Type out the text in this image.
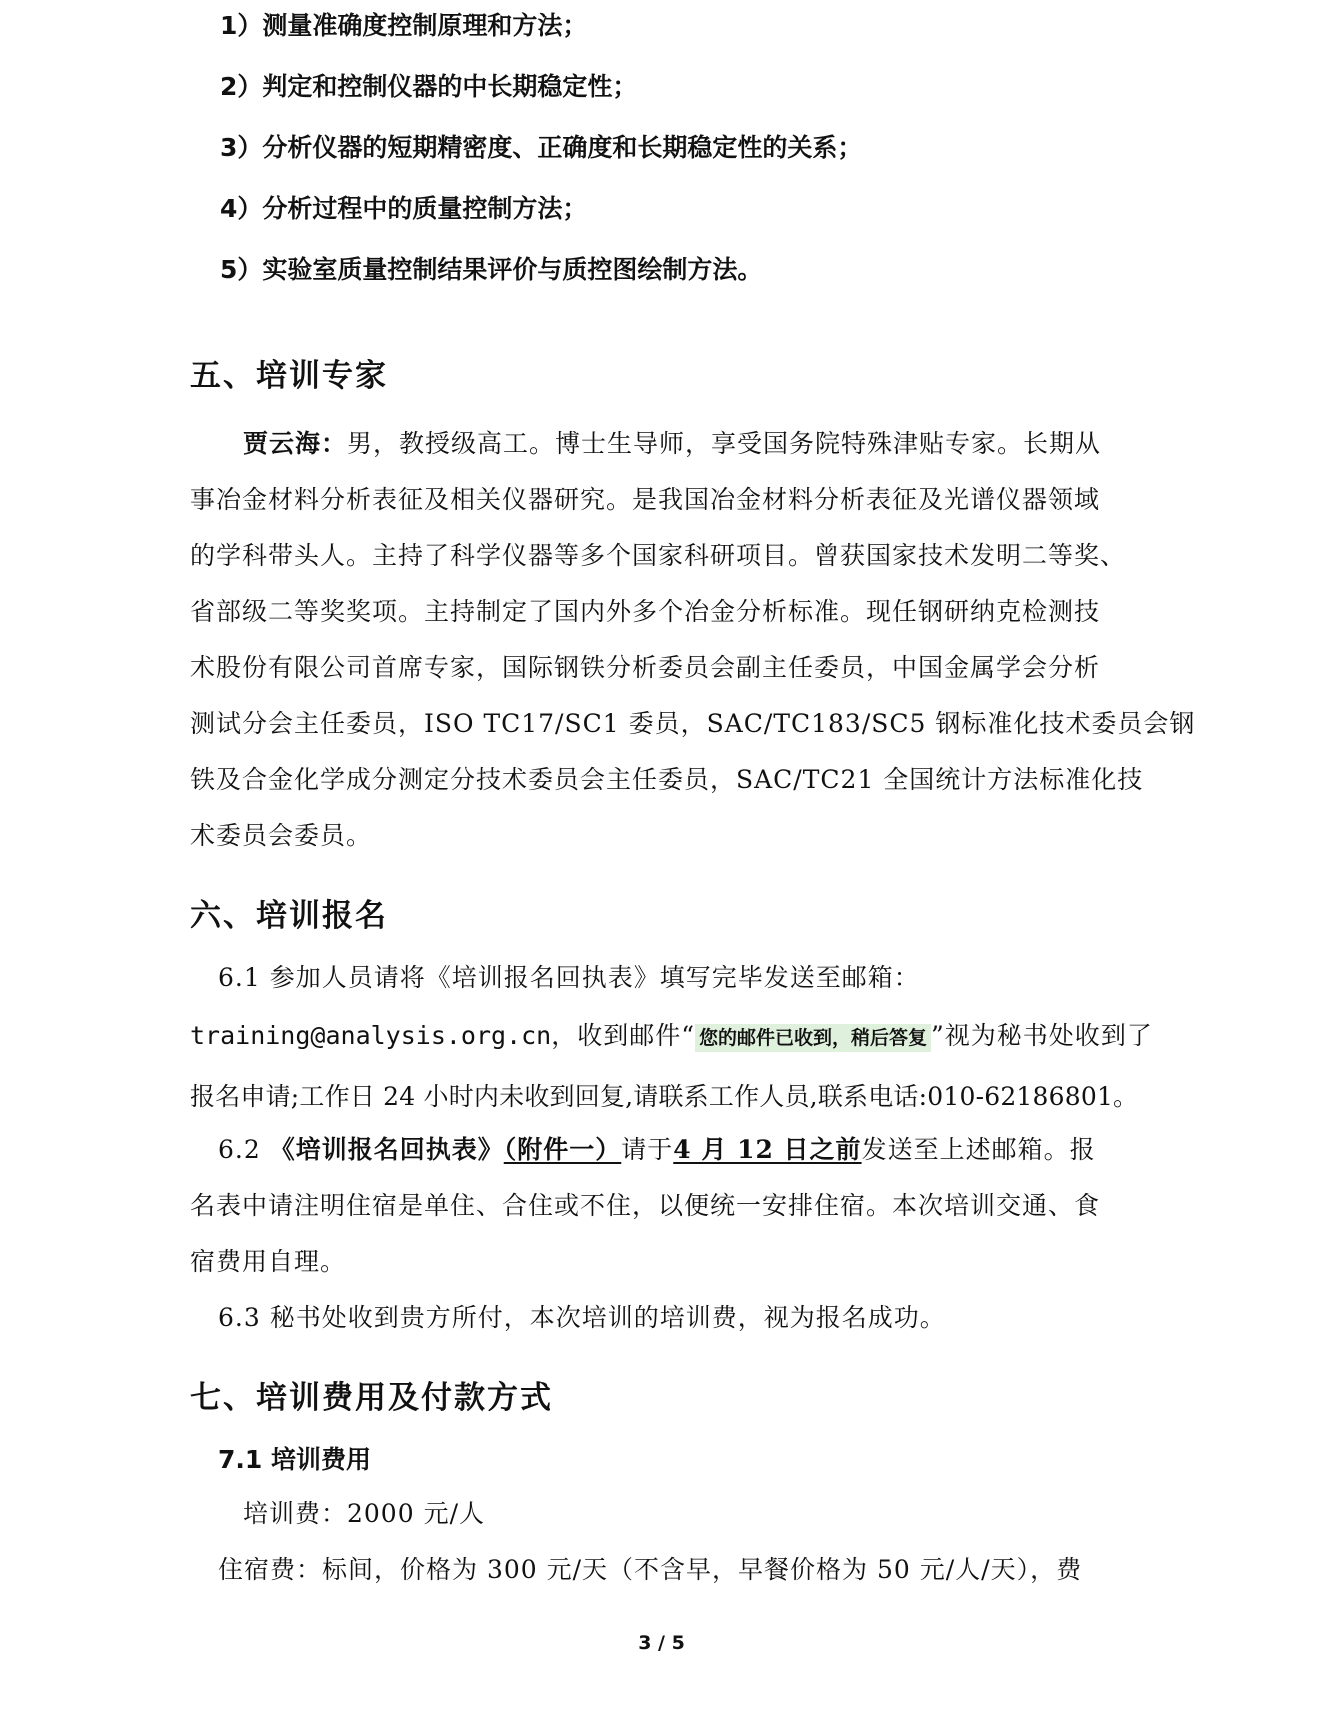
1）测量准确度控制原理和方法；
2）判定和控制仪器的中长期稳定性；
3）分析仪器的短期精密度、正确度和长期稳定性的关系；
4）分析过程中的质量控制方法；
5）实验室质量控制结果评价与质控图绘制方法。
五、培训专家
贾云海：男，教授级高工。博士生导师，享受国务院特殊津贴专家。长期从
事冶金材料分析表征及相关仪器研究。是我国冶金材料分析表征及光谱仪器领域
的学科带头人。主持了科学仪器等多个国家科研项目。曾获国家技术发明二等奖、
省部级二等奖奖项。主持制定了国内外多个冶金分析标准。现任钢研纳克检测技
术股份有限公司首席专家，国际钢铁分析委员会副主任委员，中国金属学会分析
测试分会主任委员，ISO TC17/SC1 委员，SAC/TC183/SC5 钢标准化技术委员会钢
铁及合金化学成分测定分技术委员会主任委员，SAC/TC21 全国统计方法标准化技
术委员会委员。
六、培训报名
6.1 参加人员请将《培训报名回执表》填写完毕发送至邮箱：
training@analysis.org.cn，收到邮件“ 您的邮件已收到，稍后答复 ”视为秘书处收到了
报名申请;工作日 24 小时内未收到回复,请联系工作人员,联系电话:010-62186801。
6.2 《培训报名回执表》（附件一）请于4 月 12 日之前发送至上述邮箱。报
名表中请注明住宿是单住、合住或不住，以便统一安排住宿。本次培训交通、食
宿费用自理。
6.3 秘书处收到贵方所付，本次培训的培训费，视为报名成功。
七、培训费用及付款方式
7.1 培训费用
培训费：2000 元/人
住宿费：标间，价格为 300 元/天（不含早，早餐价格为 50 元/人/天），费
3 / 5
